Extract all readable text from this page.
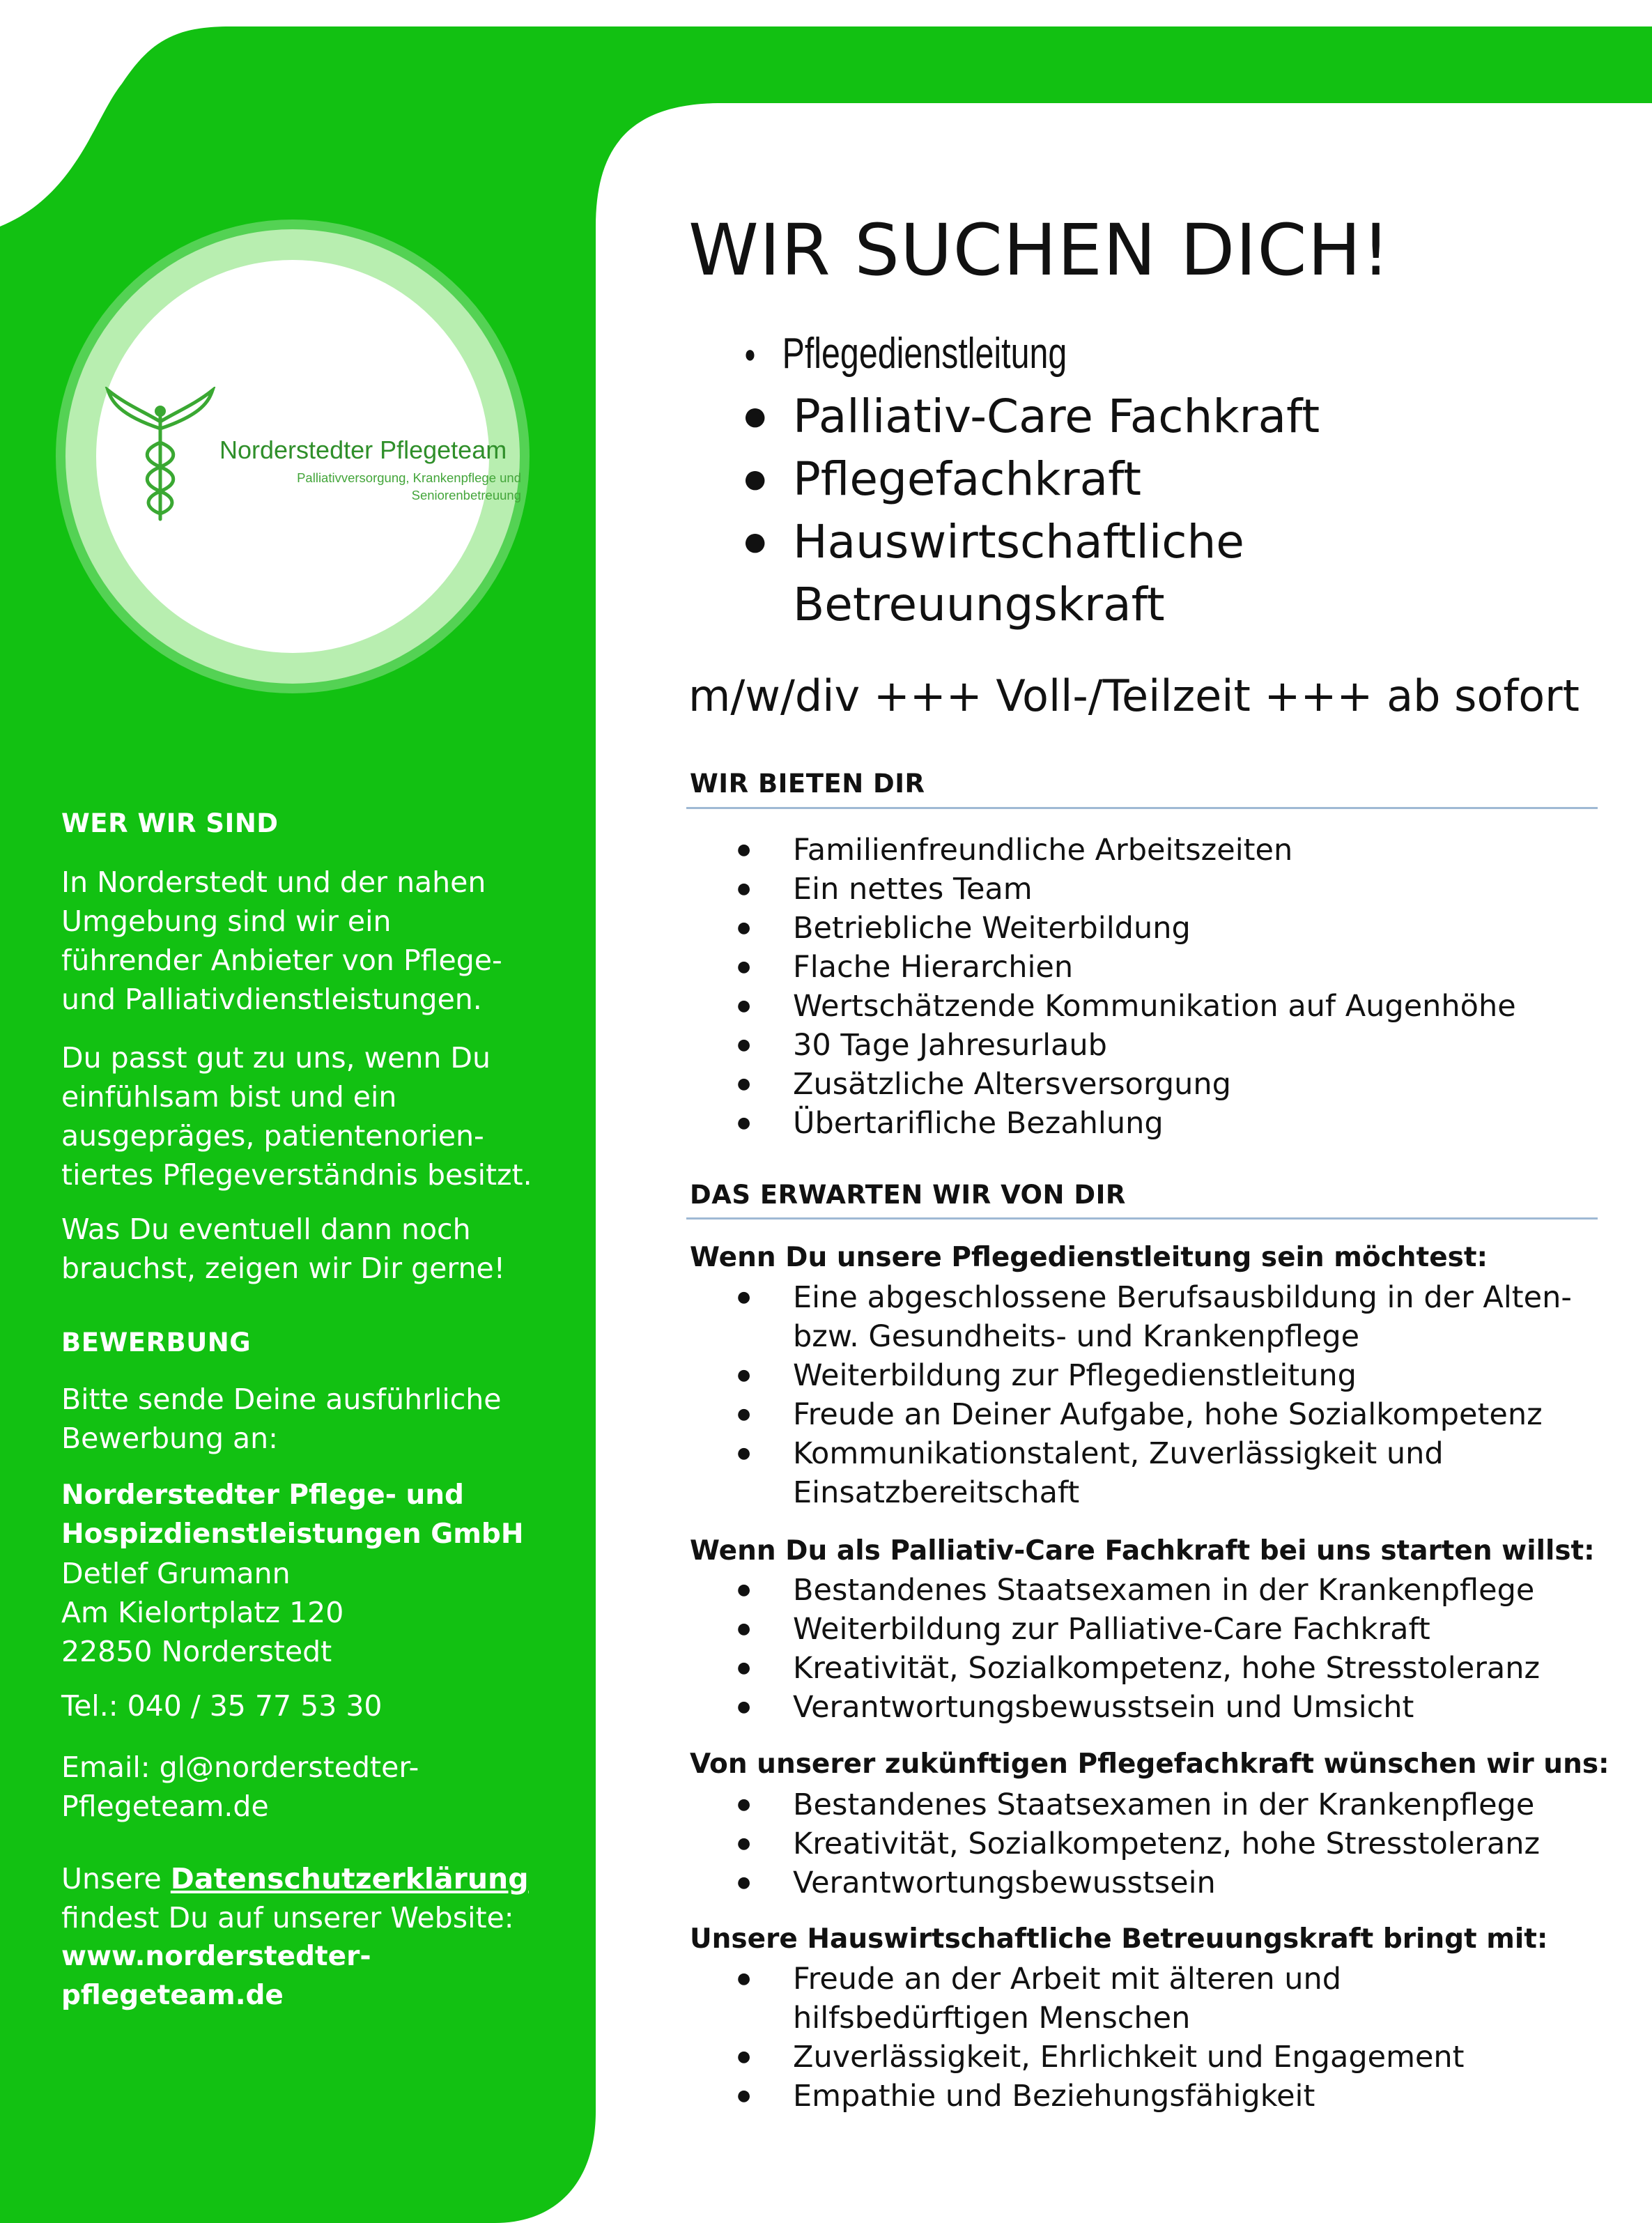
Norderstedter Pflegeteam
Palliativversorgung, Krankenpflege und
Seniorenbetreuung
WER WIR SIND

In Norderstedt und der nahen

Umgebung sind wir ein

führender Anbieter von Pflege-

und Palliativdienstleistungen.

Du passt gut zu uns, wenn Du

einfühlsam bist und ein

ausgepräges, patientenorien-

tiertes Pflegeverständnis besitzt.

Was Du eventuell dann noch

brauchst, zeigen wir Dir gerne!

BEWERBUNG

Bitte sende Deine ausführliche

Bewerbung an:

Norderstedter Pflege- und
Hospizdienstleistungen GmbH

Detlef Grumann

Am Kielortplatz 120

22850 Norderstedt

Tel.: 040 / 35 77 53 30

Email: gl@norderstedter-

Pflegeteam.de

Unsere Datenschutzerklärung

findest Du auf unserer Website:

www.norderstedter-
pflegeteam.de
WIR SUCHEN DICH!
● Pflegedienstleitung
● Palliativ-Care Fachkraft
● Pflegefachkraft
● Hauswirtschaftliche
Betreuungskraft
m/w/div +++ Voll-/Teilzeit +++ ab sofort
WIR BIETEN DIR
● Familienfreundliche Arbeitszeiten
● Ein nettes Team
● Betriebliche Weiterbildung
● Flache Hierarchien
● Wertschätzende Kommunikation auf Augenhöhe
● 30 Tage Jahresurlaub
● Zusätzliche Altersversorgung
● Übertarifliche Bezahlung
DAS ERWARTEN WIR VON DIR
Wenn Du unsere Pflegedienstleitung sein möchtest:
● Eine abgeschlossene Berufsausbildung in der Alten-
bzw. Gesundheits- und Krankenpflege
● Weiterbildung zur Pflegedienstleitung
● Freude an Deiner Aufgabe, hohe Sozialkompetenz
● Kommunikationstalent, Zuverlässigkeit und
Einsatzbereitschaft
Wenn Du als Palliativ-Care Fachkraft bei uns starten willst:
● Bestandenes Staatsexamen in der Krankenpflege
● Weiterbildung zur Palliative-Care Fachkraft
● Kreativität, Sozialkompetenz, hohe Stresstoleranz
● Verantwortungsbewusstsein und Umsicht
Von unserer zukünftigen Pflegefachkraft wünschen wir uns:
● Bestandenes Staatsexamen in der Krankenpflege
● Kreativität, Sozialkompetenz, hohe Stresstoleranz
● Verantwortungsbewusstsein
Unsere Hauswirtschaftliche Betreuungskraft bringt mit:
● Freude an der Arbeit mit älteren und
hilfsbedürftigen Menschen
● Zuverlässigkeit, Ehrlichkeit und Engagement
● Empathie und Beziehungsfähigkeit
